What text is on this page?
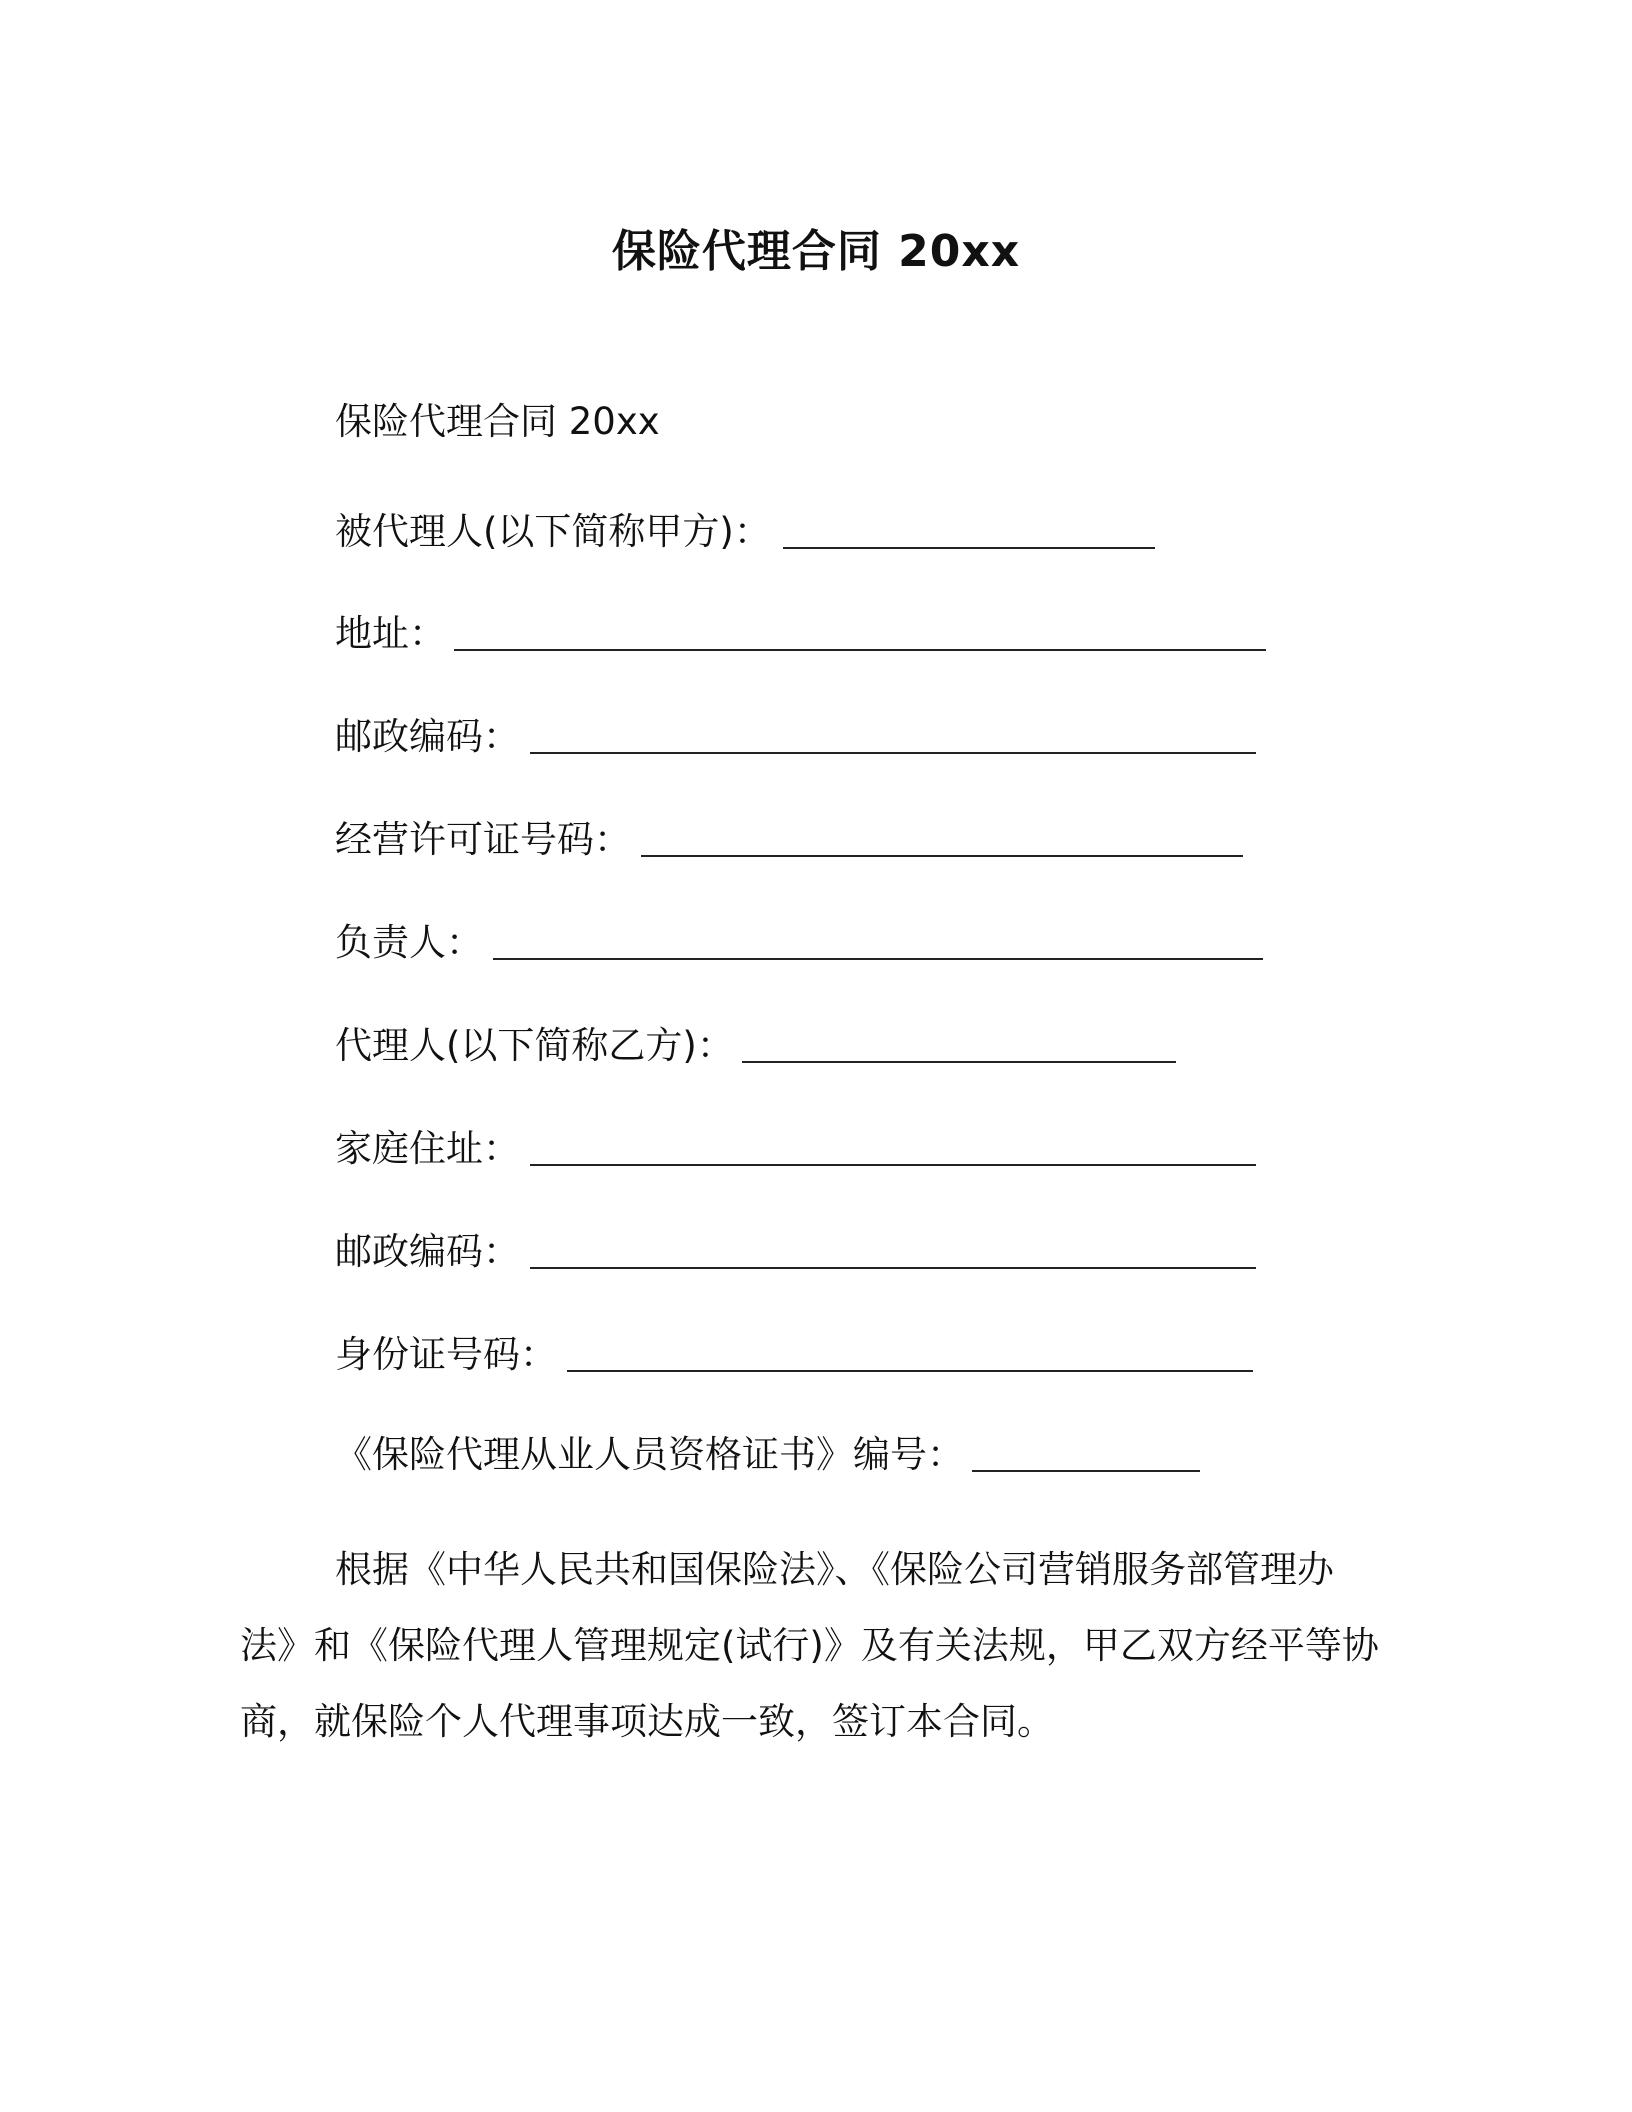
保险代理合同 20xx
保险代理合同 20xx
被代理人(以下简称甲方)：
地址：
邮政编码：
经营许可证号码：
负责人：
代理人(以下简称乙方)：
家庭住址：
邮政编码：
身份证号码：
《保险代理从业人员资格证书》编号：
根据《中华人民共和国保险法》、《保险公司营销服务部管理办
法》和《保险代理人管理规定(试行)》及有关法规，甲乙双方经平等协
商，就保险个人代理事项达成一致，签订本合同。
